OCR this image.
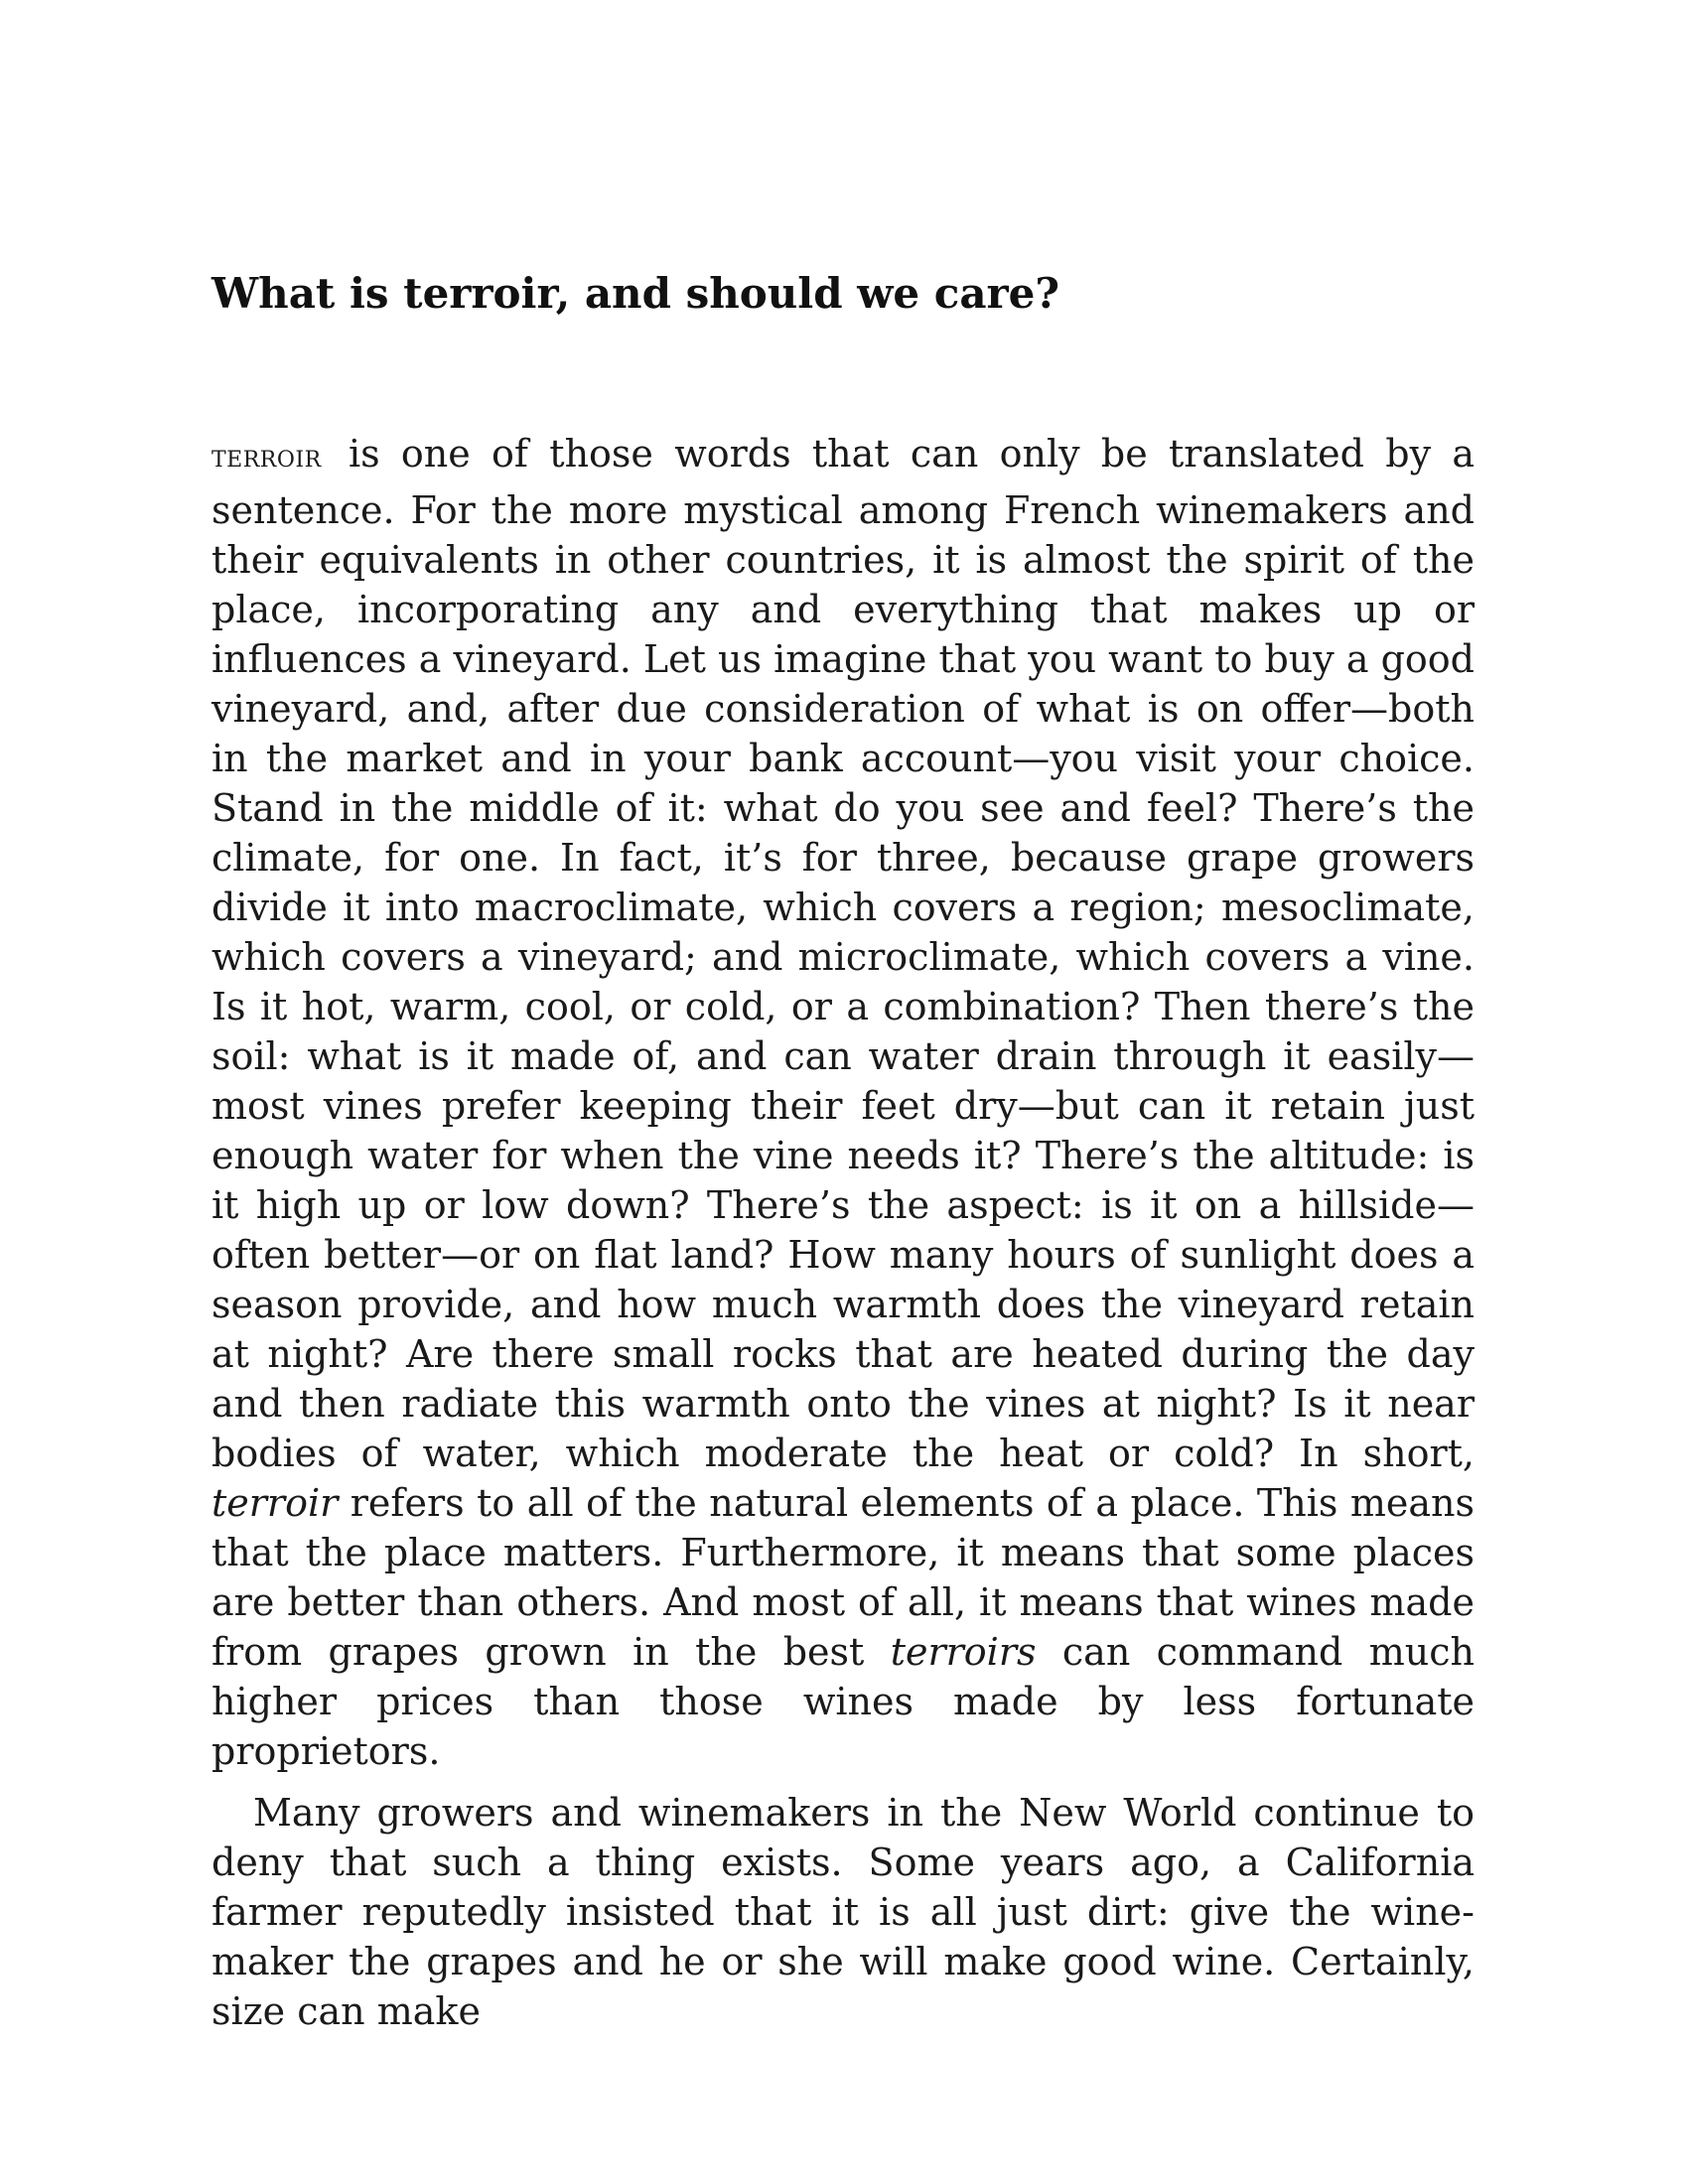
What is terroir, and should we care?

TERROIR is one of those words that can only be translated by a sentence. For the more mystical among French winemakers and their equivalents in other countries, it is almost the spirit of the place, incorporating any and everything that makes up or influences a vineyard. Let us imagine that you want to buy a good vineyard, and, after due consideration of what is on offer—both in the market and in your bank account—you visit your choice. Stand in the middle of it: what do you see and feel? There’s the climate, for one. In fact, it’s for three, because grape growers divide it into macroclimate, which covers a region; mesoclimate, which covers a vineyard; and microclimate, which covers a vine. Is it hot, warm, cool, or cold, or a combination? Then there’s the soil: what is it made of, and can water drain through it easily—most vines prefer keeping their feet dry—but can it retain just enough water for when the vine needs it? There’s the altitude: is it high up or low down? There’s the aspect: is it on a hillside—often better—or on flat land? How many hours of sunlight does a season provide, and how much warmth does the vineyard retain at night? Are there small rocks that are heated during the day and then radiate this warmth onto the vines at night? Is it near bodies of water, which moderate the heat or cold? In short, terroir refers to all of the natural elements of a place. This means that the place matters. Furthermore, it means that some places are better than others. And most of all, it means that wines made from grapes grown in the best terroirs can command much higher prices than those wines made by less fortunate proprietors.

Many growers and winemakers in the New World continue to deny that such a thing exists. Some years ago, a California farmer reputedly insisted that it is all just dirt: give the wine-maker the grapes and he or she will make good wine. Certainly, size can make
